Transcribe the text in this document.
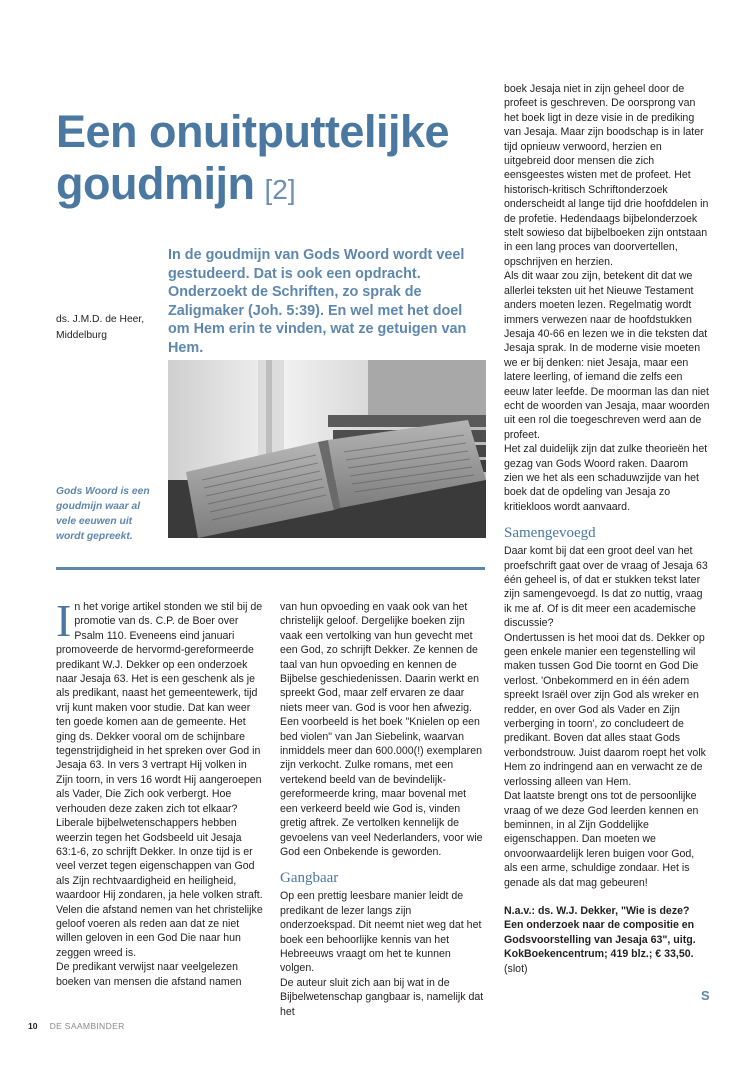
Een onuitputtelijke
goudmijn [2]
In de goudmijn van Gods Woord wordt veel gestudeerd. Dat is ook een opdracht. Onderzoekt de Schriften, zo sprak de Zaligmaker (Joh. 5:39). En wel met het doel om Hem erin te vinden, wat ze getuigen van Hem.
ds. J.M.D. de Heer,
Middelburg
Gods Woord is een goudmijn waar al vele eeuwen uit wordt gepreekt.

In het vorige artikel stonden we stil bij de promotie van ds. C.P. de Boer over Psalm 110. Eveneens eind januari promoveerde de hervormd-gereformeerde predikant W.J. Dekker op een onderzoek naar Jesaja 63. Het is een geschenk als je als predikant, naast het gemeentewerk, tijd vrij kunt maken voor studie. Dat kan weer ten goede komen aan de gemeente. Het ging ds. Dekker vooral om de schijnbare tegenstrijdigheid in het spreken over God in Jesaja 63. In vers 3 vertrapt Hij volken in Zijn toorn, in vers 16 wordt Hij aangeroepen als Vader, Die Zich ook verbergt. Hoe verhouden deze zaken zich tot elkaar? Liberale bijbelwetenschappers hebben weerzin tegen het Godsbeeld uit Jesaja 63:1-6, zo schrijft Dekker. In onze tijd is er veel verzet tegen eigenschappen van God als Zijn rechtvaardigheid en heiligheid, waardoor Hij zondaren, ja hele volken straft. Velen die afstand nemen van het christelijke geloof voeren als reden aan dat ze niet willen geloven in een God Die naar hun zeggen wreed is.

De predikant verwijst naar veelgelezen boeken van mensen die afstand namen

van hun opvoeding en vaak ook van het christelijk geloof. Dergelijke boeken zijn vaak een vertolking van hun gevecht met een God, zo schrijft Dekker. Ze kennen de taal van hun opvoeding en kennen de Bijbelse geschiedenissen. Daarin werkt en spreekt God, maar zelf ervaren ze daar niets meer van. God is voor hen afwezig. Een voorbeeld is het boek "Knielen op een bed violen" van Jan Siebelink, waarvan inmiddels meer dan 600.000(!) exemplaren zijn verkocht. Zulke romans, met een vertekend beeld van de bevindelijk-gereformeerde kring, maar bovenal met een verkeerd beeld wie God is, vinden gretig aftrek. Ze vertolken kennelijk de gevoelens van veel Nederlanders, voor wie God een Onbekende is geworden.

Gangbaar

Op een prettig leesbare manier leidt de predikant de lezer langs zijn onderzoekspad. Dit neemt niet weg dat het boek een behoorlijke kennis van het Hebreeuws vraagt om het te kunnen volgen.

De auteur sluit zich aan bij wat in de Bijbelwetenschap gangbaar is, namelijk dat het

boek Jesaja niet in zijn geheel door de profeet is geschreven. De oorsprong van het boek ligt in deze visie in de prediking van Jesaja. Maar zijn boodschap is in later tijd opnieuw verwoord, herzien en uitgebreid door mensen die zich eensgeestes wisten met de profeet. Het historisch-kritisch Schriftonderzoek onderscheidt al lange tijd drie hoofddelen in de profetie. Hedendaags bijbelonderzoek stelt sowieso dat bijbelboeken zijn ontstaan in een lang proces van doorvertellen, opschrijven en herzien.

Als dit waar zou zijn, betekent dit dat we allerlei teksten uit het Nieuwe Testament anders moeten lezen. Regelmatig wordt immers verwezen naar de hoofdstukken Jesaja 40-66 en lezen we in die teksten dat Jesaja sprak. In de moderne visie moeten we er bij denken: niet Jesaja, maar een latere leerling, of iemand die zelfs een eeuw later leefde. De moorman las dan niet echt de woorden van Jesaja, maar woorden uit een rol die toegeschreven werd aan de profeet.

Het zal duidelijk zijn dat zulke theorieën het gezag van Gods Woord raken. Daarom zien we het als een schaduwzijde van het boek dat de opdeling van Jesaja zo kritiekloos wordt aanvaard.

Samengevoegd

Daar komt bij dat een groot deel van het proefschrift gaat over de vraag of Jesaja 63 één geheel is, of dat er stukken tekst later zijn samengevoegd. Is dat zo nuttig, vraag ik me af. Of is dit meer een academische discussie?

Ondertussen is het mooi dat ds. Dekker op geen enkele manier een tegenstelling wil maken tussen God Die toornt en God Die verlost. 'Onbekommerd en in één adem spreekt Israël over zijn God als wreker en redder, en over God als Vader en Zijn verberging in toorn', zo concludeert de predikant. Boven dat alles staat Gods verbondstrouw. Juist daarom roept het volk Hem zo indringend aan en verwacht ze de verlossing alleen van Hem.

Dat laatste brengt ons tot de persoonlijke vraag of we deze God leerden kennen en beminnen, in al Zijn Goddelijke eigenschappen. Dan moeten we onvoorwaardelijk leren buigen voor God, als een arme, schuldige zondaar. Het is genade als dat mag gebeuren!

N.a.v.: ds. W.J. Dekker, "Wie is deze? Een onderzoek naar de compositie en Godsvoorstelling van Jesaja 63", uitg. KokBoekencentrum; 419 blz.; € 33,50.

(slot)

S
10 DE SAAMBINDER
